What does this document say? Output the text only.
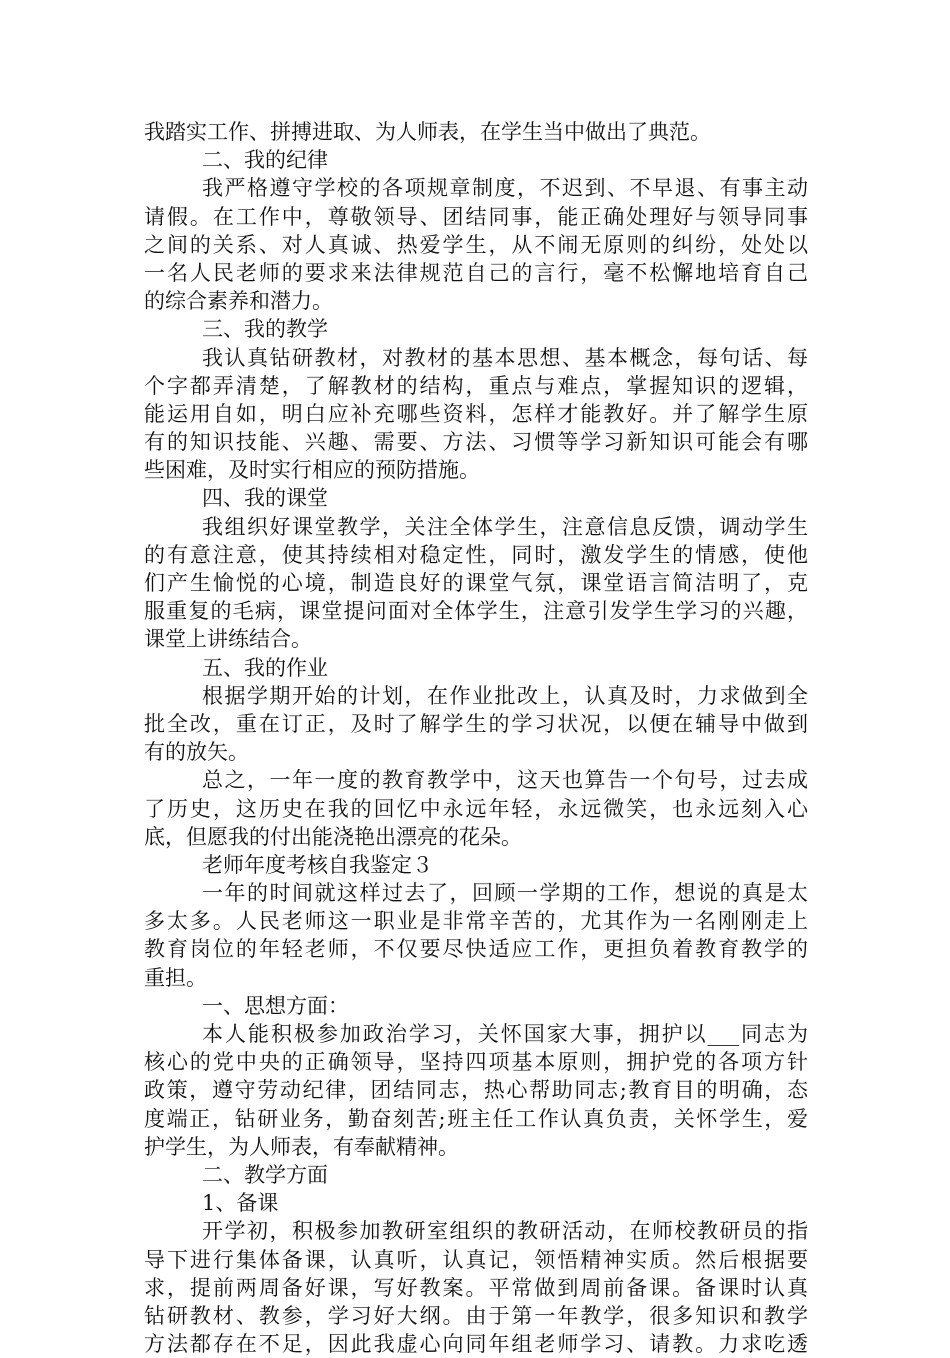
我踏实工作、拼搏进取、为人师表，在学生当中做出了典范。
二、我的纪律
我严格遵守学校的各项规章制度，不迟到、不早退、有事主动
请假。在工作中，尊敬领导、团结同事，能正确处理好与领导同事
之间的关系、对人真诚、热爱学生，从不闹无原则的纠纷，处处以
一名人民老师的要求来法律规范自己的言行，毫不松懈地培育自己
的综合素养和潜力。
三、我的教学
我认真钻研教材，对教材的基本思想、基本概念，每句话、每
个字都弄清楚，了解教材的结构，重点与难点，掌握知识的逻辑，
能运用自如，明白应补充哪些资料，怎样才能教好。并了解学生原
有的知识技能、兴趣、需要、方法、习惯等学习新知识可能会有哪
些困难，及时实行相应的预防措施。
四、我的课堂
我组织好课堂教学，关注全体学生，注意信息反馈，调动学生
的有意注意，使其持续相对稳定性，同时，激发学生的情感，使他
们产生愉悦的心境，制造良好的课堂气氛，课堂语言简洁明了，克
服重复的毛病，课堂提问面对全体学生，注意引发学生学习的兴趣，
课堂上讲练结合。
五、我的作业
根据学期开始的计划，在作业批改上，认真及时，力求做到全
批全改，重在订正，及时了解学生的学习状况，以便在辅导中做到
有的放矢。
总之，一年一度的教育教学中，这天也算告一个句号，过去成
了历史，这历史在我的回忆中永远年轻，永远微笑，也永远刻入心
底，但愿我的付出能浇艳出漂亮的花朵。
老师年度考核自我鉴定３
一年的时间就这样过去了，回顾一学期的工作，想说的真是太
多太多。人民老师这一职业是非常辛苦的，尤其作为一名刚刚走上
教育岗位的年轻老师，不仅要尽快适应工作，更担负着教育教学的
重担。
一、思想方面：
本人能积极参加政治学习，关怀国家大事，拥护以___同志为
核心的党中央的正确领导，坚持四项基本原则，拥护党的各项方针
政策，遵守劳动纪律，团结同志，热心帮助同志;教育目的明确，态
度端正，钻研业务，勤奋刻苦;班主任工作认真负责，关怀学生，爱
护学生，为人师表，有奉献精神。
二、教学方面
1、备课
开学初，积极参加教研室组织的教研活动，在师校教研员的指
导下进行集体备课，认真听，认真记，领悟精神实质。然后根据要
求，提前两周备好课，写好教案。平常做到周前备课。备课时认真
钻研教材、教参，学习好大纲。由于第一年教学，很多知识和教学
方法都存在不足，因此我虚心向同年组老师学习、请教。力求吃透
